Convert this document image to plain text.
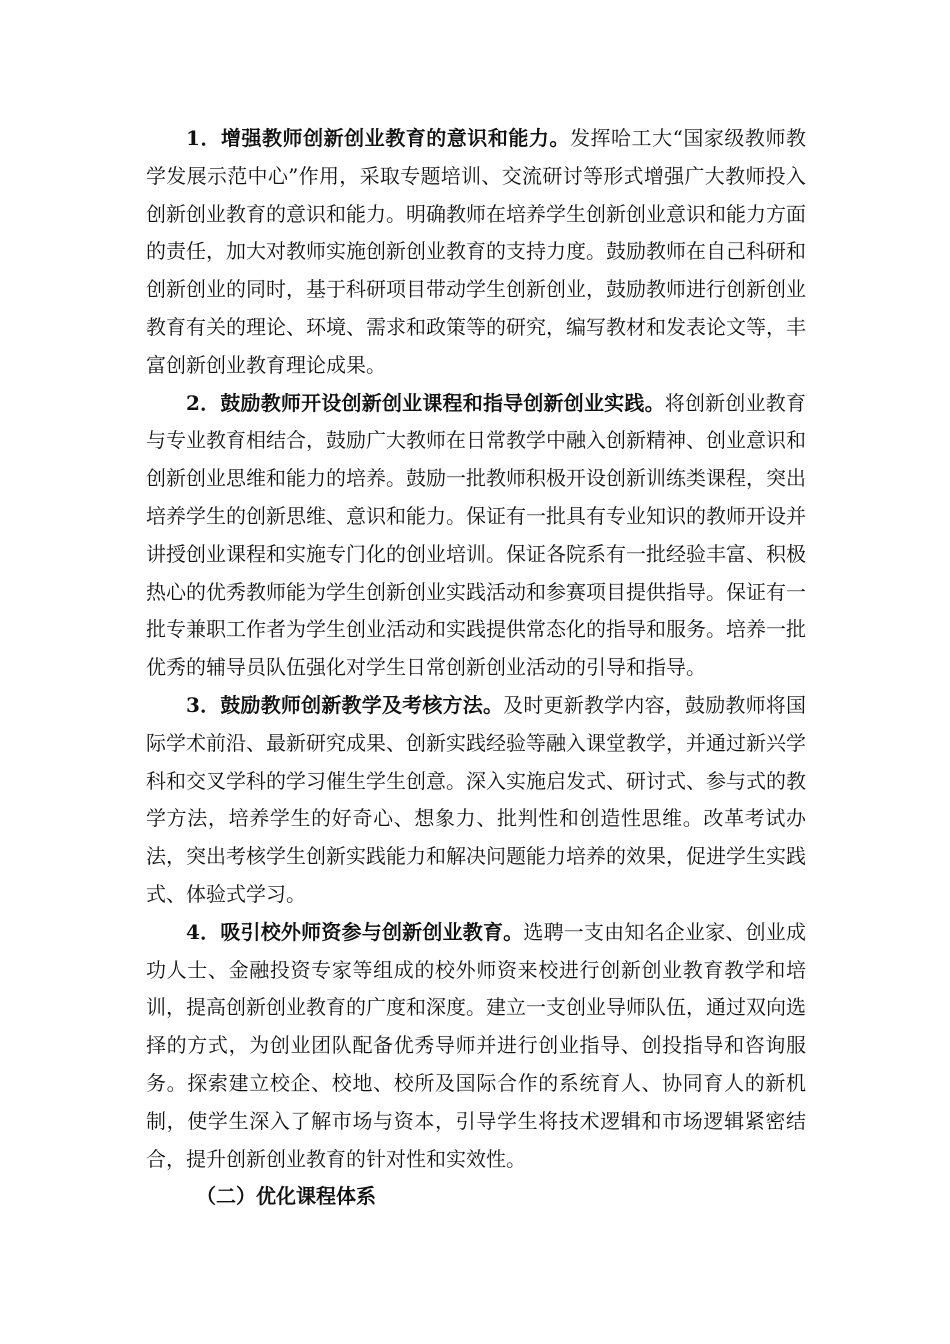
1．增强教师创新创业教育的意识和能力。发挥哈工大“国家级教师教学发展示范中心”作用，采取专题培训、交流研讨等形式增强广大教师投入创新创业教育的意识和能力。明确教师在培养学生创新创业意识和能力方面的责任，加大对教师实施创新创业教育的支持力度。鼓励教师在自己科研和创新创业的同时，基于科研项目带动学生创新创业，鼓励教师进行创新创业教育有关的理论、环境、需求和政策等的研究，编写教材和发表论文等，丰富创新创业教育理论成果。

2．鼓励教师开设创新创业课程和指导创新创业实践。将创新创业教育与专业教育相结合，鼓励广大教师在日常教学中融入创新精神、创业意识和创新创业思维和能力的培养。鼓励一批教师积极开设创新训练类课程，突出培养学生的创新思维、意识和能力。保证有一批具有专业知识的教师开设并讲授创业课程和实施专门化的创业培训。保证各院系有一批经验丰富、积极热心的优秀教师能为学生创新创业实践活动和参赛项目提供指导。保证有一批专兼职工作者为学生创业活动和实践提供常态化的指导和服务。培养一批优秀的辅导员队伍强化对学生日常创新创业活动的引导和指导。

3．鼓励教师创新教学及考核方法。及时更新教学内容，鼓励教师将国际学术前沿、最新研究成果、创新实践经验等融入课堂教学，并通过新兴学科和交叉学科的学习催生学生创意。深入实施启发式、研讨式、参与式的教学方法，培养学生的好奇心、想象力、批判性和创造性思维。改革考试办法，突出考核学生创新实践能力和解决问题能力培养的效果，促进学生实践式、体验式学习。

4．吸引校外师资参与创新创业教育。选聘一支由知名企业家、创业成功人士、金融投资专家等组成的校外师资来校进行创新创业教育教学和培训，提高创新创业教育的广度和深度。建立一支创业导师队伍，通过双向选择的方式，为创业团队配备优秀导师并进行创业指导、创投指导和咨询服务。探索建立校企、校地、校所及国际合作的系统育人、协同育人的新机制，使学生深入了解市场与资本，引导学生将技术逻辑和市场逻辑紧密结合，提升创新创业教育的针对性和实效性。

（二）优化课程体系
